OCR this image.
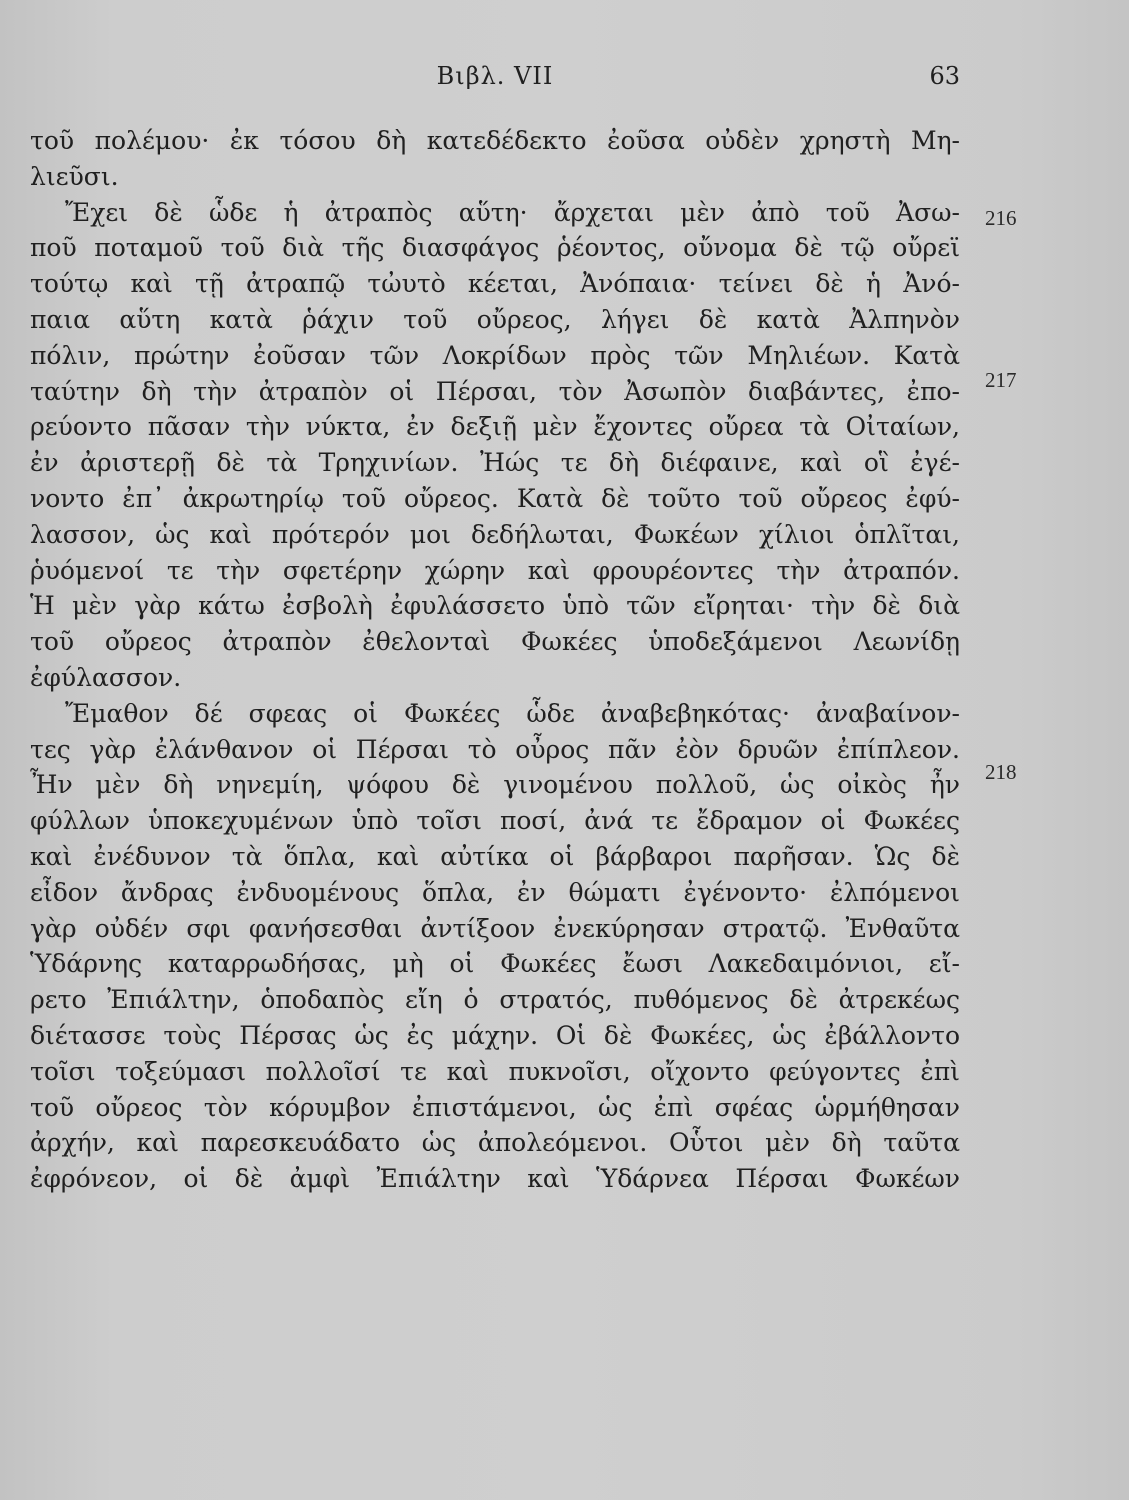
Βιβλ. VII	63
τοῦ πολέμου· ἐκ τόσου δὴ κατεδέδεκτο ἐοῦσα οὐδὲν χρηστὴ Μη-
λιεῦσι.
Ἔχει δὲ ὧδε ἡ ἀτραπὸς αὕτη· ἄρχεται μὲν ἀπὸ τοῦ Ἀσω-
ποῦ ποταμοῦ τοῦ διὰ τῆς διασφάγος ῥέοντος, οὔνομα δὲ τῷ οὔρεϊ
τούτῳ καὶ τῇ ἀτραπῷ τὠυτὸ κέεται, Ἀνόπαια· τείνει δὲ ἡ Ἀνό-
παια αὕτη κατὰ ῥάχιν τοῦ οὔρεος, λήγει δὲ κατὰ Ἀλπηνὸν
πόλιν, πρώτην ἐοῦσαν τῶν Λοκρίδων πρὸς τῶν Μηλιέων. Κατὰ
ταύτην δὴ τὴν ἀτραπὸν οἱ Πέρσαι, τὸν Ἀσωπὸν διαβάντες, ἐπο-
ρεύοντο πᾶσαν τὴν νύκτα, ἐν δεξιῇ μὲν ἔχοντες οὔρεα τὰ Οἰταίων,
ἐν ἀριστερῇ δὲ τὰ Τρηχινίων. Ἠώς τε δὴ διέφαινε, καὶ οἳ ἐγέ-
νοντο ἐπ᾽ ἀκρωτηρίῳ τοῦ οὔρεος. Κατὰ δὲ τοῦτο τοῦ οὔρεος ἐφύ-
λασσον, ὡς καὶ πρότερόν μοι δεδήλωται, Φωκέων χίλιοι ὁπλῖται,
ῥυόμενοί τε τὴν σφετέρην χώρην καὶ φρουρέοντες τὴν ἀτραπόν.
Ἡ μὲν γὰρ κάτω ἐσβολὴ ἐφυλάσσετο ὑπὸ τῶν εἴρηται· τὴν δὲ διὰ
τοῦ οὔρεος ἀτραπὸν ἐθελονταὶ Φωκέες ὑποδεξάμενοι Λεωνίδῃ
ἐφύλασσον.
Ἔμαθον δέ σφεας οἱ Φωκέες ὧδε ἀναβεβηκότας· ἀναβαίνον-
τες γὰρ ἐλάνθανον οἱ Πέρσαι τὸ οὖρος πᾶν ἐὸν δρυῶν ἐπίπλεον.
Ἦν μὲν δὴ νηνεμίη, ψόφου δὲ γινομένου πολλοῦ, ὡς οἰκὸς ἦν
φύλλων ὑποκεχυμένων ὑπὸ τοῖσι ποσί, ἀνά τε ἔδραμον οἱ Φωκέες
καὶ ἐνέδυνον τὰ ὅπλα, καὶ αὐτίκα οἱ βάρβαροι παρῆσαν. Ὡς δὲ
εἶδον ἄνδρας ἐνδυομένους ὅπλα, ἐν θώματι ἐγένοντο· ἐλπόμενοι
γὰρ οὐδέν σφι φανήσεσθαι ἀντίξοον ἐνεκύρησαν στρατῷ. Ἐνθαῦτα
Ὑδάρνης καταρρωδήσας, μὴ οἱ Φωκέες ἔωσι Λακεδαιμόνιοι, εἴ-
ρετο Ἐπιάλτην, ὁποδαπὸς εἴη ὁ στρατός, πυθόμενος δὲ ἀτρεκέως
διέτασσε τοὺς Πέρσας ὡς ἐς μάχην. Οἱ δὲ Φωκέες, ὡς ἐβάλλοντο
τοῖσι τοξεύμασι πολλοῖσί τε καὶ πυκνοῖσι, οἴχοντο φεύγοντες ἐπὶ
τοῦ οὔρεος τὸν κόρυμβον ἐπιστάμενοι, ὡς ἐπὶ σφέας ὡρμήθησαν
ἀρχήν, καὶ παρεσκευάδατο ὡς ἀπολεόμενοι. Οὗτοι μὲν δὴ ταῦτα
ἐφρόνεον, οἱ δὲ ἀμφὶ Ἐπιάλτην καὶ Ὑδάρνεα Πέρσαι Φωκέων
216
217
218
